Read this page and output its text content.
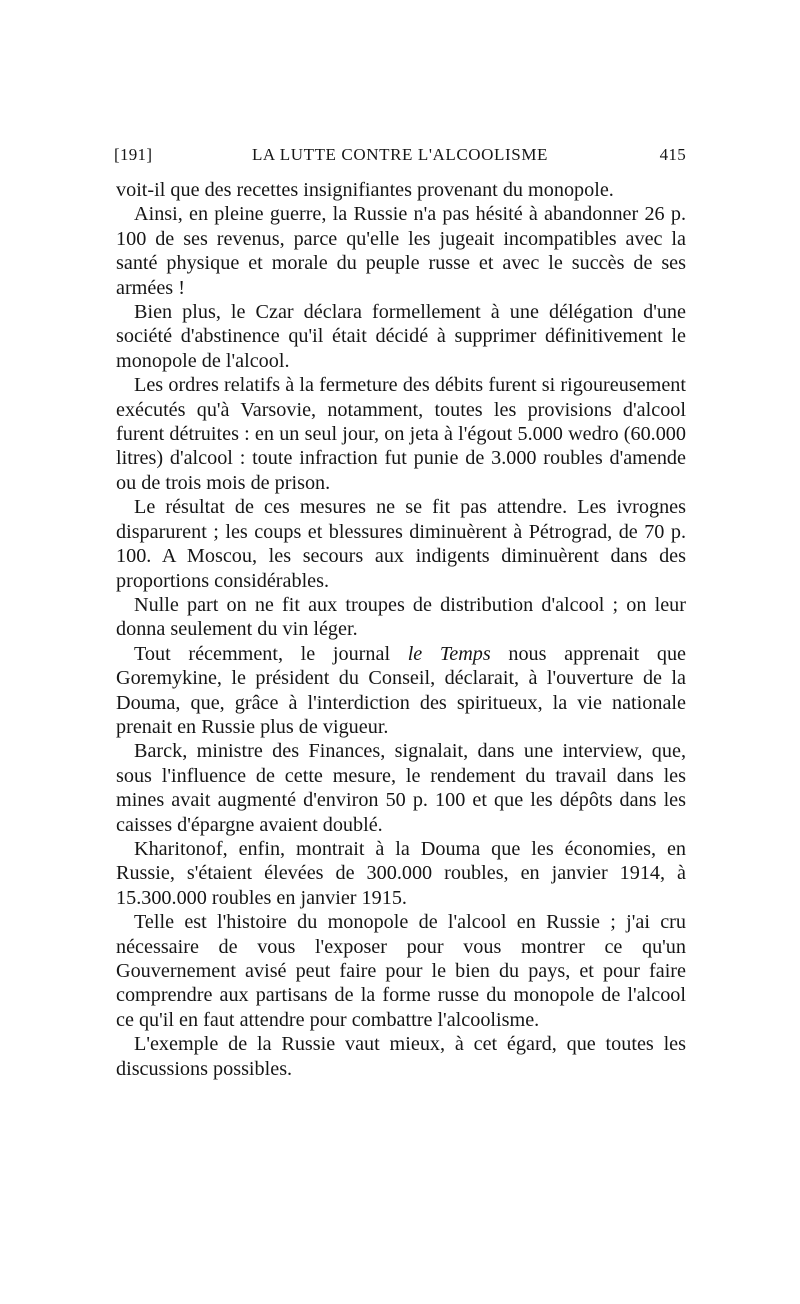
[191]	LA LUTTE CONTRE L'ALCOOLISME	415

voit-il que des recettes insignifiantes provenant du monopole.

Ainsi, en pleine guerre, la Russie n'a pas hésité à abandonner 26 p. 100 de ses revenus, parce qu'elle les jugeait incompatibles avec la santé physique et morale du peuple russe et avec le succès de ses armées !

Bien plus, le Czar déclara formellement à une délégation d'une société d'abstinence qu'il était décidé à supprimer définitivement le monopole de l'alcool.

Les ordres relatifs à la fermeture des débits furent si rigoureusement exécutés qu'à Varsovie, notamment, toutes les provisions d'alcool furent détruites : en un seul jour, on jeta à l'égout 5.000 wedro (60.000 litres) d'alcool : toute infraction fut punie de 3.000 roubles d'amende ou de trois mois de prison.

Le résultat de ces mesures ne se fit pas attendre. Les ivrognes disparurent ; les coups et blessures diminuèrent à Pétrograd, de 70 p. 100. A Moscou, les secours aux indigents diminuèrent dans des proportions considérables.

Nulle part on ne fit aux troupes de distribution d'alcool ; on leur donna seulement du vin léger.

Tout récemment, le journal le Temps nous apprenait que Goremykine, le président du Conseil, déclarait, à l'ouverture de la Douma, que, grâce à l'interdiction des spiritueux, la vie nationale prenait en Russie plus de vigueur.

Barck, ministre des Finances, signalait, dans une interview, que, sous l'influence de cette mesure, le rendement du travail dans les mines avait augmenté d'environ 50 p. 100 et que les dépôts dans les caisses d'épargne avaient doublé.

Kharitonof, enfin, montrait à la Douma que les économies, en Russie, s'étaient élevées de 300.000 roubles, en janvier 1914, à 15.300.000 roubles en janvier 1915.

Telle est l'histoire du monopole de l'alcool en Russie ; j'ai cru nécessaire de vous l'exposer pour vous montrer ce qu'un Gouvernement avisé peut faire pour le bien du pays, et pour faire comprendre aux partisans de la forme russe du monopole de l'alcool ce qu'il en faut attendre pour combattre l'alcoolisme.

L'exemple de la Russie vaut mieux, à cet égard, que toutes les discussions possibles.
